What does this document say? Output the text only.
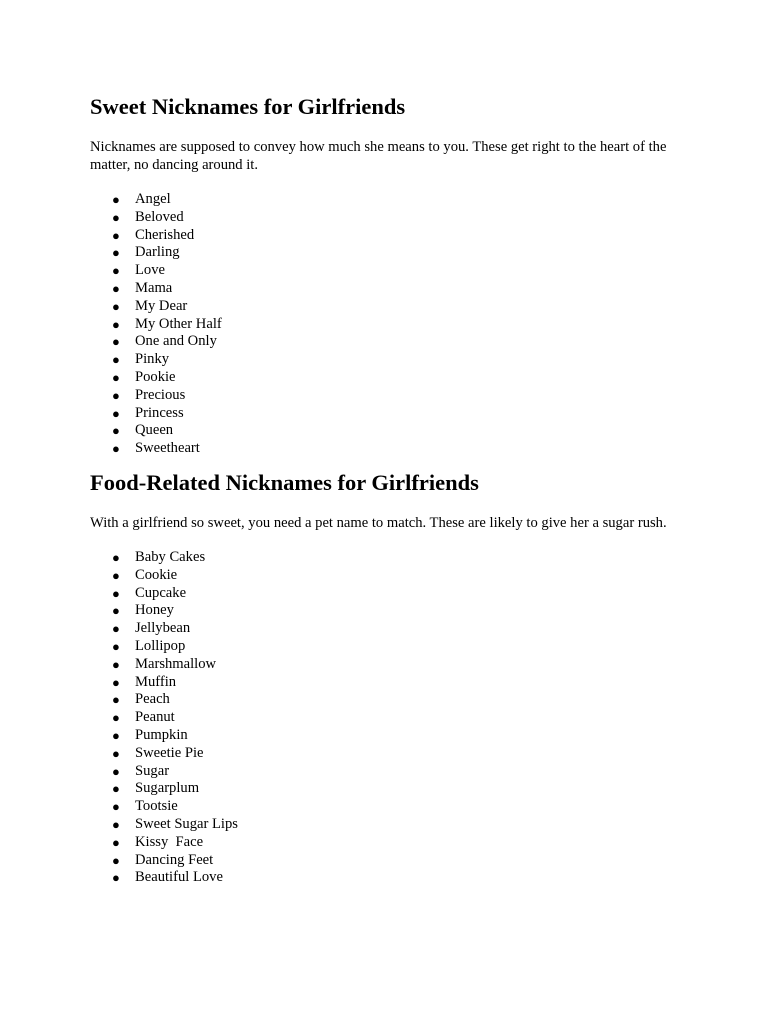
Sweet Nicknames for Girlfriends

Nicknames are supposed to convey how much she means to you. These get right to the heart of the matter, no dancing around it.

● Angel
● Beloved
● Cherished
● Darling
● Love
● Mama
● My Dear
● My Other Half
● One and Only
● Pinky
● Pookie
● Precious
● Princess
● Queen
● Sweetheart
Food-Related Nicknames for Girlfriends

With a girlfriend so sweet, you need a pet name to match. These are likely to give her a sugar rush.

● Baby Cakes
● Cookie
● Cupcake
● Honey
● Jellybean
● Lollipop
● Marshmallow
● Muffin
● Peach
● Peanut
● Pumpkin
● Sweetie Pie
● Sugar
● Sugarplum
● Tootsie
● Sweet Sugar Lips
● Kissy  Face
● Dancing Feet
● Beautiful Love
